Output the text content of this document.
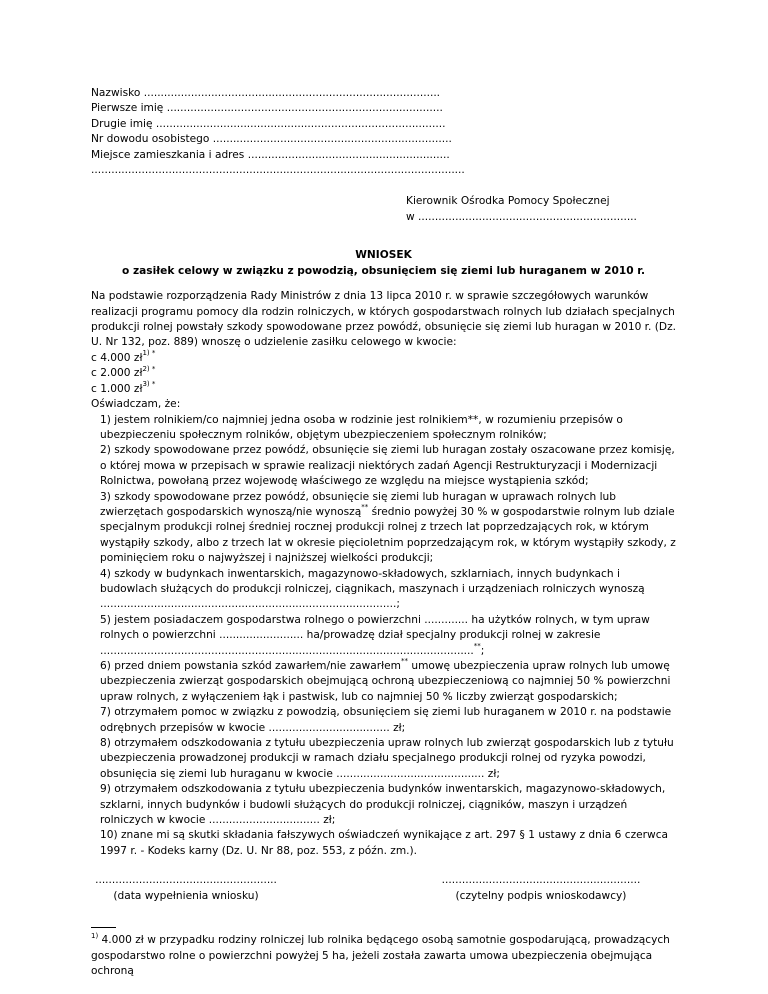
Nazwisko ........................................................................................
Pierwsze imię ..................................................................................
Drugie imię ......................................................................................
Nr dowodu osobistego .......................................................................
Miejsce zamieszkania i adres ............................................................
...............................................................................................................
Kierownik Ośrodka Pomocy Społecznej
w .................................................................
WNIOSEK
o zasiłek celowy w związku z powodzią, obsunięciem się ziemi lub huraganem w 2010 r.

Na podstawie rozporządzenia Rady Ministrów z dnia 13 lipca 2010 r. w sprawie szczegółowych warunków realizacji programu pomocy dla rodzin rolniczych, w których gospodarstwach rolnych lub działach specjalnych produkcji rolnej powstały szkody spowodowane przez powódź, obsunięcie się ziemi lub huragan w 2010 r. (Dz. U. Nr 132, poz. 889) wnoszę o udzielenie zasiłku celowego w kwocie:

c 4.000 $zł^{1) *}$

c 2.000 $zł^{2) *}$

c 1.000 $zł^{3) *}$

Oświadczam, że:

1) jestem rolnikiem/co najmniej jedna osoba w rodzinie jest rolnikiem**, w rozumieniu przepisów o ubezpieczeniu społecznym rolników, objętym ubezpieczeniem społecznym rolników;

2) szkody spowodowane przez powódź, obsunięcie się ziemi lub huragan zostały oszacowane przez komisję, o której mowa w przepisach w sprawie realizacji niektórych zadań Agencji Restrukturyzacji i Modernizacji Rolnictwa, powołaną przez wojewodę właściwego ze względu na miejsce wystąpienia szkód;

3) szkody spowodowane przez powódź, obsunięcie się ziemi lub huragan w uprawach rolnych lub zwierzętach gospodarskich wynoszą/nie wynoszą** średnio powyżej 30 % w gospodarstwie rolnym lub dziale specjalnym produkcji rolnej średniej rocznej produkcji rolnej z trzech lat poprzedzających rok, w którym wystąpiły szkody, albo z trzech lat w okresie pięcioletnim poprzedzającym rok, w którym wystąpiły szkody, z pominięciem roku o najwyższej i najniższej wielkości produkcji;

4) szkody w budynkach inwentarskich, magazynowo-składowych, szklarniach, innych budynkach i budowlach służących do produkcji rolniczej, ciągnikach, maszynach i urządzeniach rolniczych wynoszą ........................................................................................;

5) jestem posiadaczem gospodarstwa rolnego o powierzchni ............. ha użytków rolnych, w tym upraw rolnych o powierzchni ......................... ha/prowadzę dział specjalny produkcji rolnej w zakresie ...............................................................................................................**;

6) przed dniem powstania szkód zawarłem/nie zawarłem** umowę ubezpieczenia upraw rolnych lub umowę ubezpieczenia zwierząt gospodarskich obejmującą ochroną ubezpieczeniową co najmniej 50 % powierzchni upraw rolnych, z wyłączeniem łąk i pastwisk, lub co najmniej 50 % liczby zwierząt gospodarskich;

7) otrzymałem pomoc w związku z powodzią, obsunięciem się ziemi lub huraganem w 2010 r. na podstawie odrębnych przepisów w kwocie .................................... zł;

8) otrzymałem odszkodowania z tytułu ubezpieczenia upraw rolnych lub zwierząt gospodarskich lub z tytułu ubezpieczenia prowadzonej produkcji w ramach działu specjalnego produkcji rolnej od ryzyka powodzi, obsunięcia się ziemi lub huraganu w kwocie ............................................ zł;

9) otrzymałem odszkodowania z tytułu ubezpieczenia budynków inwentarskich, magazynowo-składowych, szklarni, innych budynków i budowli służących do produkcji rolniczej, ciągników, maszyn i urządzeń rolniczych w kwocie ................................. zł;

10) znane mi są skutki składania fałszywych oświadczeń wynikające z art. 297 § 1 ustawy z dnia 6 czerwca 1997 r. - Kodeks karny (Dz. U. Nr 88, poz. 553, z późn. zm.).

......................................................
(data wypełnienia wniosku)
...........................................................
(czytelny podpis wnioskodawcy)
$^{1)}$ 4.000 zł w przypadku rodziny rolniczej lub rolnika będącego osobą samotnie gospodarującą, prowadzących gospodarstwo rolne o powierzchni powyżej 5 ha, jeżeli została zawarta umowa ubezpieczenia obejmująca ochroną
